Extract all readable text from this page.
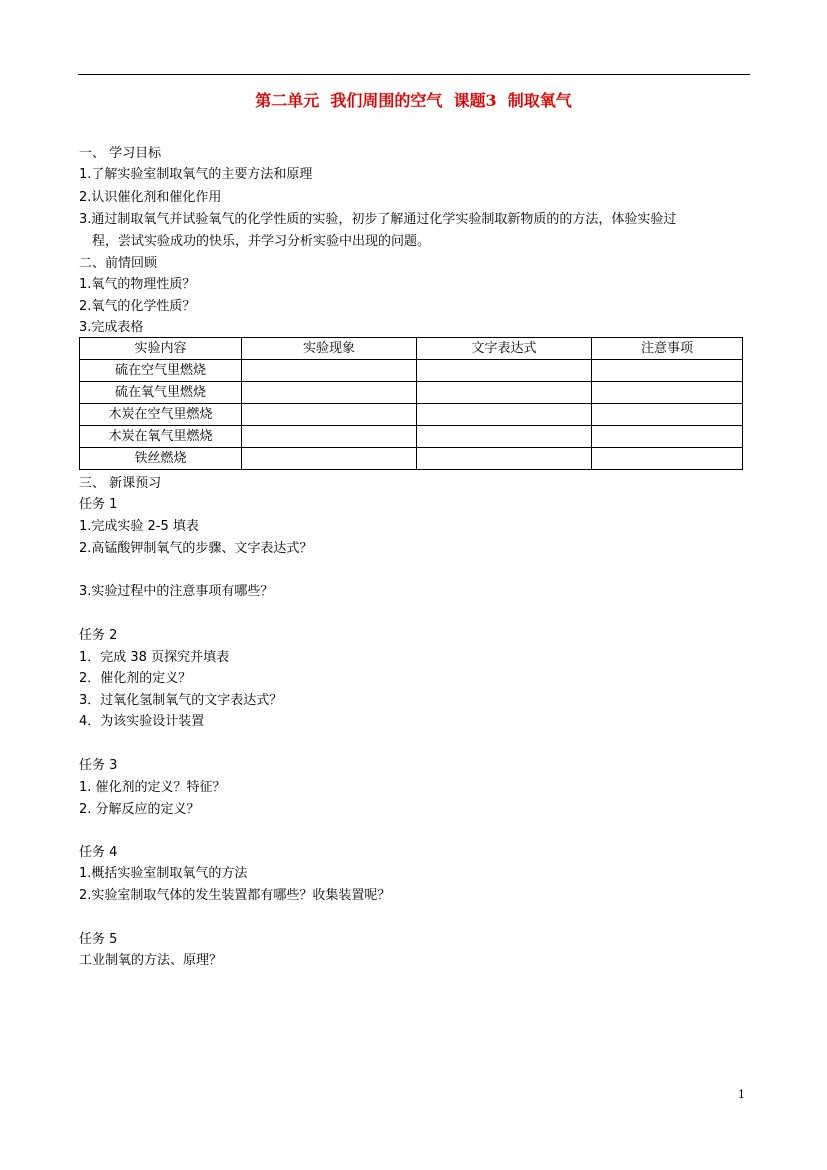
第二单元  我们周围的空气  课题3  制取氧气
一、 学习目标
1.了解实验室制取氧气的主要方法和原理
2.认识催化剂和催化作用
3.通过制取氧气并试验氧气的化学性质的实验，初步了解通过化学实验制取新物质的的方法，体验实验过
程，尝试实验成功的快乐，并学习分析实验中出现的问题。
二、前情回顾
1.氧气的物理性质？
2.氧气的化学性质？
3.完成表格
实验内容	实验现象	文字表达式	注意事项
硫在空气里燃烧			
硫在氧气里燃烧			
木炭在空气里燃烧			
木炭在氧气里燃烧			
铁丝燃烧			
三、 新课预习
任务 1
1.完成实验 2-5 填表
2.高锰酸钾制氧气的步骤、文字表达式？
3.实验过程中的注意事项有哪些？
任务 2
1．完成 38 页探究并填表
2．催化剂的定义？
3．过氧化氢制氧气的文字表达式？
4．为该实验设计装置
任务 3
1. 催化剂的定义？特征？
2. 分解反应的定义？
任务 4
1.概括实验室制取氧气的方法
2.实验室制取气体的发生装置都有哪些？收集装置呢？
任务 5
工业制氧的方法、原理？
1
